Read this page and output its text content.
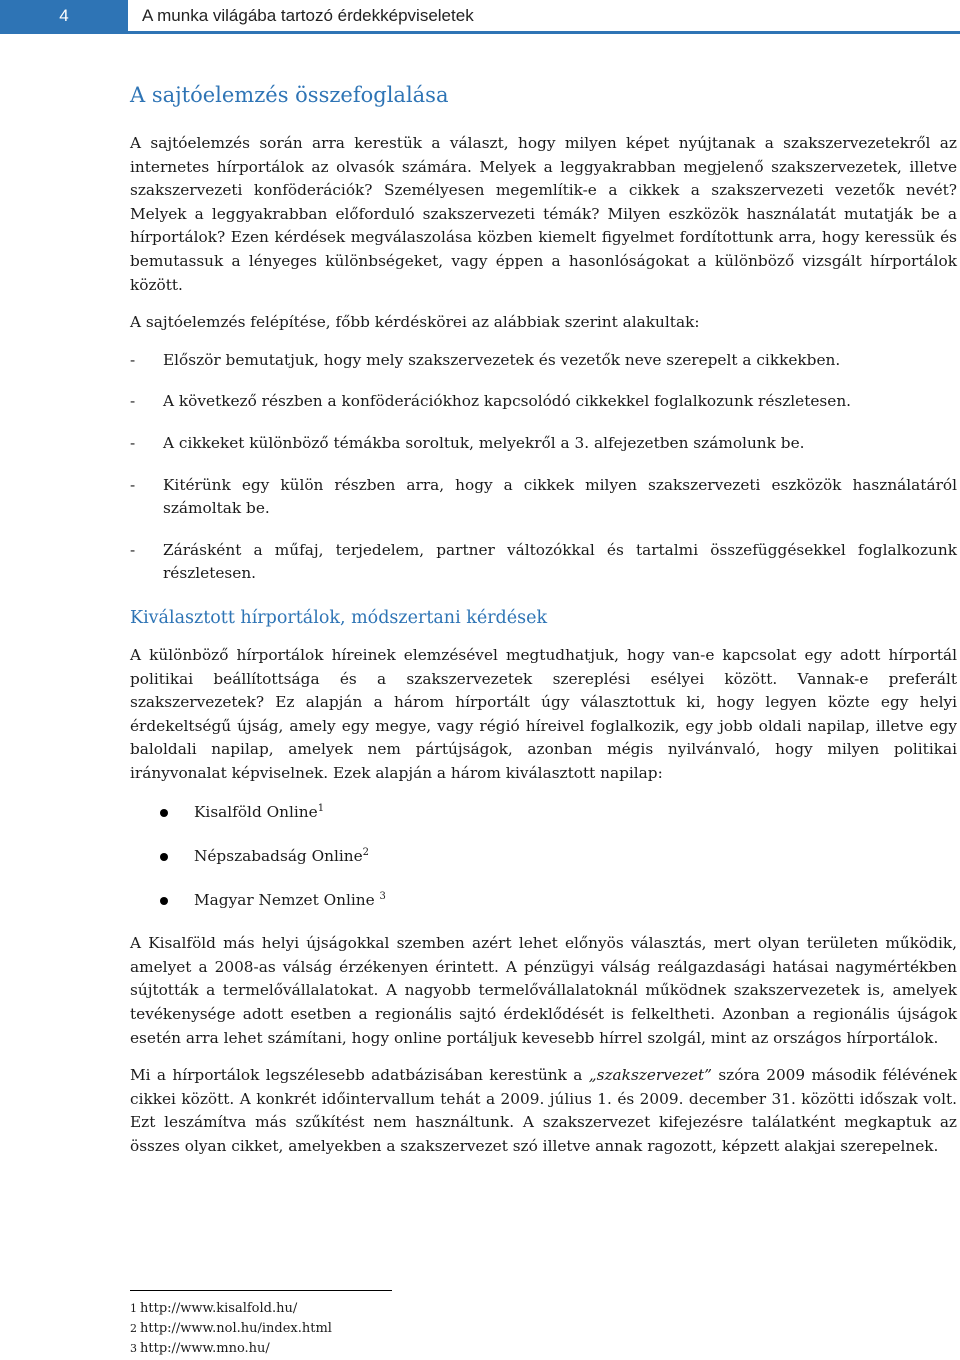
4	A munka világába tartozó érdekképviseletek
A sajtóelemzés összefoglalása

A sajtóelemzés során arra kerestük a választ, hogy milyen képet nyújtanak a szakszervezetekről az internetes hírportálok az olvasók számára. Melyek a leggyakrabban megjelenő szakszervezetek, illetve szakszervezeti konföderációk? Személyesen megemlítik-e a cikkek a szakszervezeti vezetők nevét? Melyek a leggyakrabban előforduló szakszervezeti témák? Milyen eszközök használatát mutatják be a hírportálok? Ezen kérdések megválaszolása közben kiemelt figyelmet fordítottunk arra, hogy keressük és bemutassuk a lényeges különbségeket, vagy éppen a hasonlóságokat a különböző vizsgált hírportálok között.

A sajtóelemzés felépítése, főbb kérdéskörei az alábbiak szerint alakultak:

- Először bemutatjuk, hogy mely szakszervezetek és vezetők neve szerepelt a cikkekben.
- A következő részben a konföderációkhoz kapcsolódó cikkekkel foglalkozunk részletesen.
- A cikkeket különböző témákba soroltuk, melyekről a 3. alfejezetben számolunk be.
- Kitérünk egy külön részben arra, hogy a cikkek milyen szakszervezeti eszközök használatáról számoltak be.
- Zárásként a műfaj, terjedelem, partner változókkal és tartalmi összefüggésekkel foglalkozunk részletesen.
Kiválasztott hírportálok, módszertani kérdések

A különböző hírportálok híreinek elemzésével megtudhatjuk, hogy van-e kapcsolat egy adott hírportál politikai beállítottsága és a szakszervezetek szereplési esélyei között. Vannak-e preferált szakszervezetek? Ez alapján a három hírportált úgy választottuk ki, hogy legyen közte egy helyi érdekeltségű újság, amely egy megye, vagy régió híreivel foglalkozik, egy jobb oldali napilap, illetve egy baloldali napilap, amelyek nem pártújságok, azonban mégis nyilvánvaló, hogy milyen politikai irányvonalat képviselnek. Ezek alapján a három kiválasztott napilap:

Kisalföld Online$^1$
Népszabadság Online$^2$
Magyar Nemzet Online $^3$

A Kisalföld más helyi újságokkal szemben azért lehet előnyös választás, mert olyan területen működik, amelyet a 2008-as válság érzékenyen érintett. A pénzügyi válság reálgazdasági hatásai nagymértékben sújtották a termelővállalatokat. A nagyobb termelővállalatoknál működnek szakszervezetek is, amelyek tevékenysége adott esetben a regionális sajtó érdeklődését is felkeltheti. Azonban a regionális újságok esetén arra lehet számítani, hogy online portáljuk kevesebb hírrel szolgál, mint az országos hírportálok.

Mi a hírportálok legszélesebb adatbázisában kerestünk a „szakszervezet” szóra 2009 második félévének cikkei között. A konkrét időintervallum tehát a 2009. július 1. és 2009. december 31. közötti időszak volt. Ezt leszámítva más szűkítést nem használtunk. A szakszervezet kifejezésre találatként megkaptuk az összes olyan cikket, amelyekben a szakszervezet szó illetve annak ragozott, képzett alakjai szerepelnek.

1 http://www.kisalfold.hu/
2 http://www.nol.hu/index.html
3 http://www.mno.hu/
